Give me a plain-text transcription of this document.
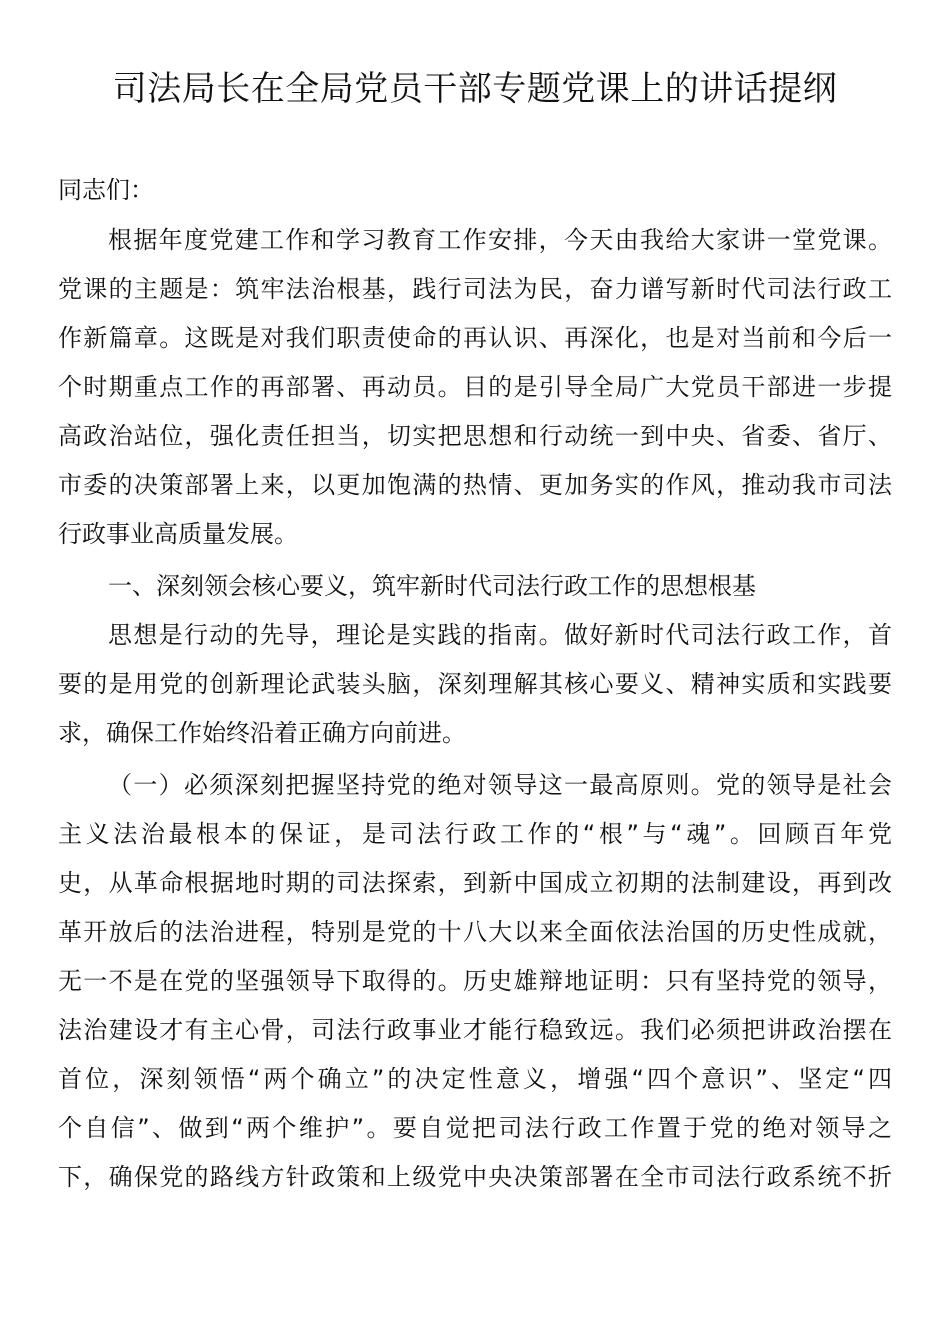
司法局长在全局党员干部专题党课上的讲话提纲

同志们：

根据年度党建工作和学习教育工作安排，今天由我给大家讲一堂党课。

党课的主题是：筑牢法治根基，践行司法为民，奋力谱写新时代司法行政工

作新篇章。这既是对我们职责使命的再认识、再深化，也是对当前和今后一

个时期重点工作的再部署、再动员。目的是引导全局广大党员干部进一步提

高政治站位，强化责任担当，切实把思想和行动统一到中央、省委、省厅、

市委的决策部署上来，以更加饱满的热情、更加务实的作风，推动我市司法

行政事业高质量发展。

一、深刻领会核心要义，筑牢新时代司法行政工作的思想根基

思想是行动的先导，理论是实践的指南。做好新时代司法行政工作，首

要的是用党的创新理论武装头脑，深刻理解其核心要义、精神实质和实践要

求，确保工作始终沿着正确方向前进。

（一）必须深刻把握坚持党的绝对领导这一最高原则。党的领导是社会

主义法治最根本的保证，是司法行政工作的“根”与“魂”。回顾百年党

史，从革命根据地时期的司法探索，到新中国成立初期的法制建设，再到改

革开放后的法治进程，特别是党的十八大以来全面依法治国的历史性成就，

无一不是在党的坚强领导下取得的。历史雄辩地证明：只有坚持党的领导，

法治建设才有主心骨，司法行政事业才能行稳致远。我们必须把讲政治摆在

首位，深刻领悟“两个确立”的决定性意义，增强“四个意识”、坚定“四

个自信”、做到“两个维护”。要自觉把司法行政工作置于党的绝对领导之

下，确保党的路线方针政策和上级党中央决策部署在全市司法行政系统不折
